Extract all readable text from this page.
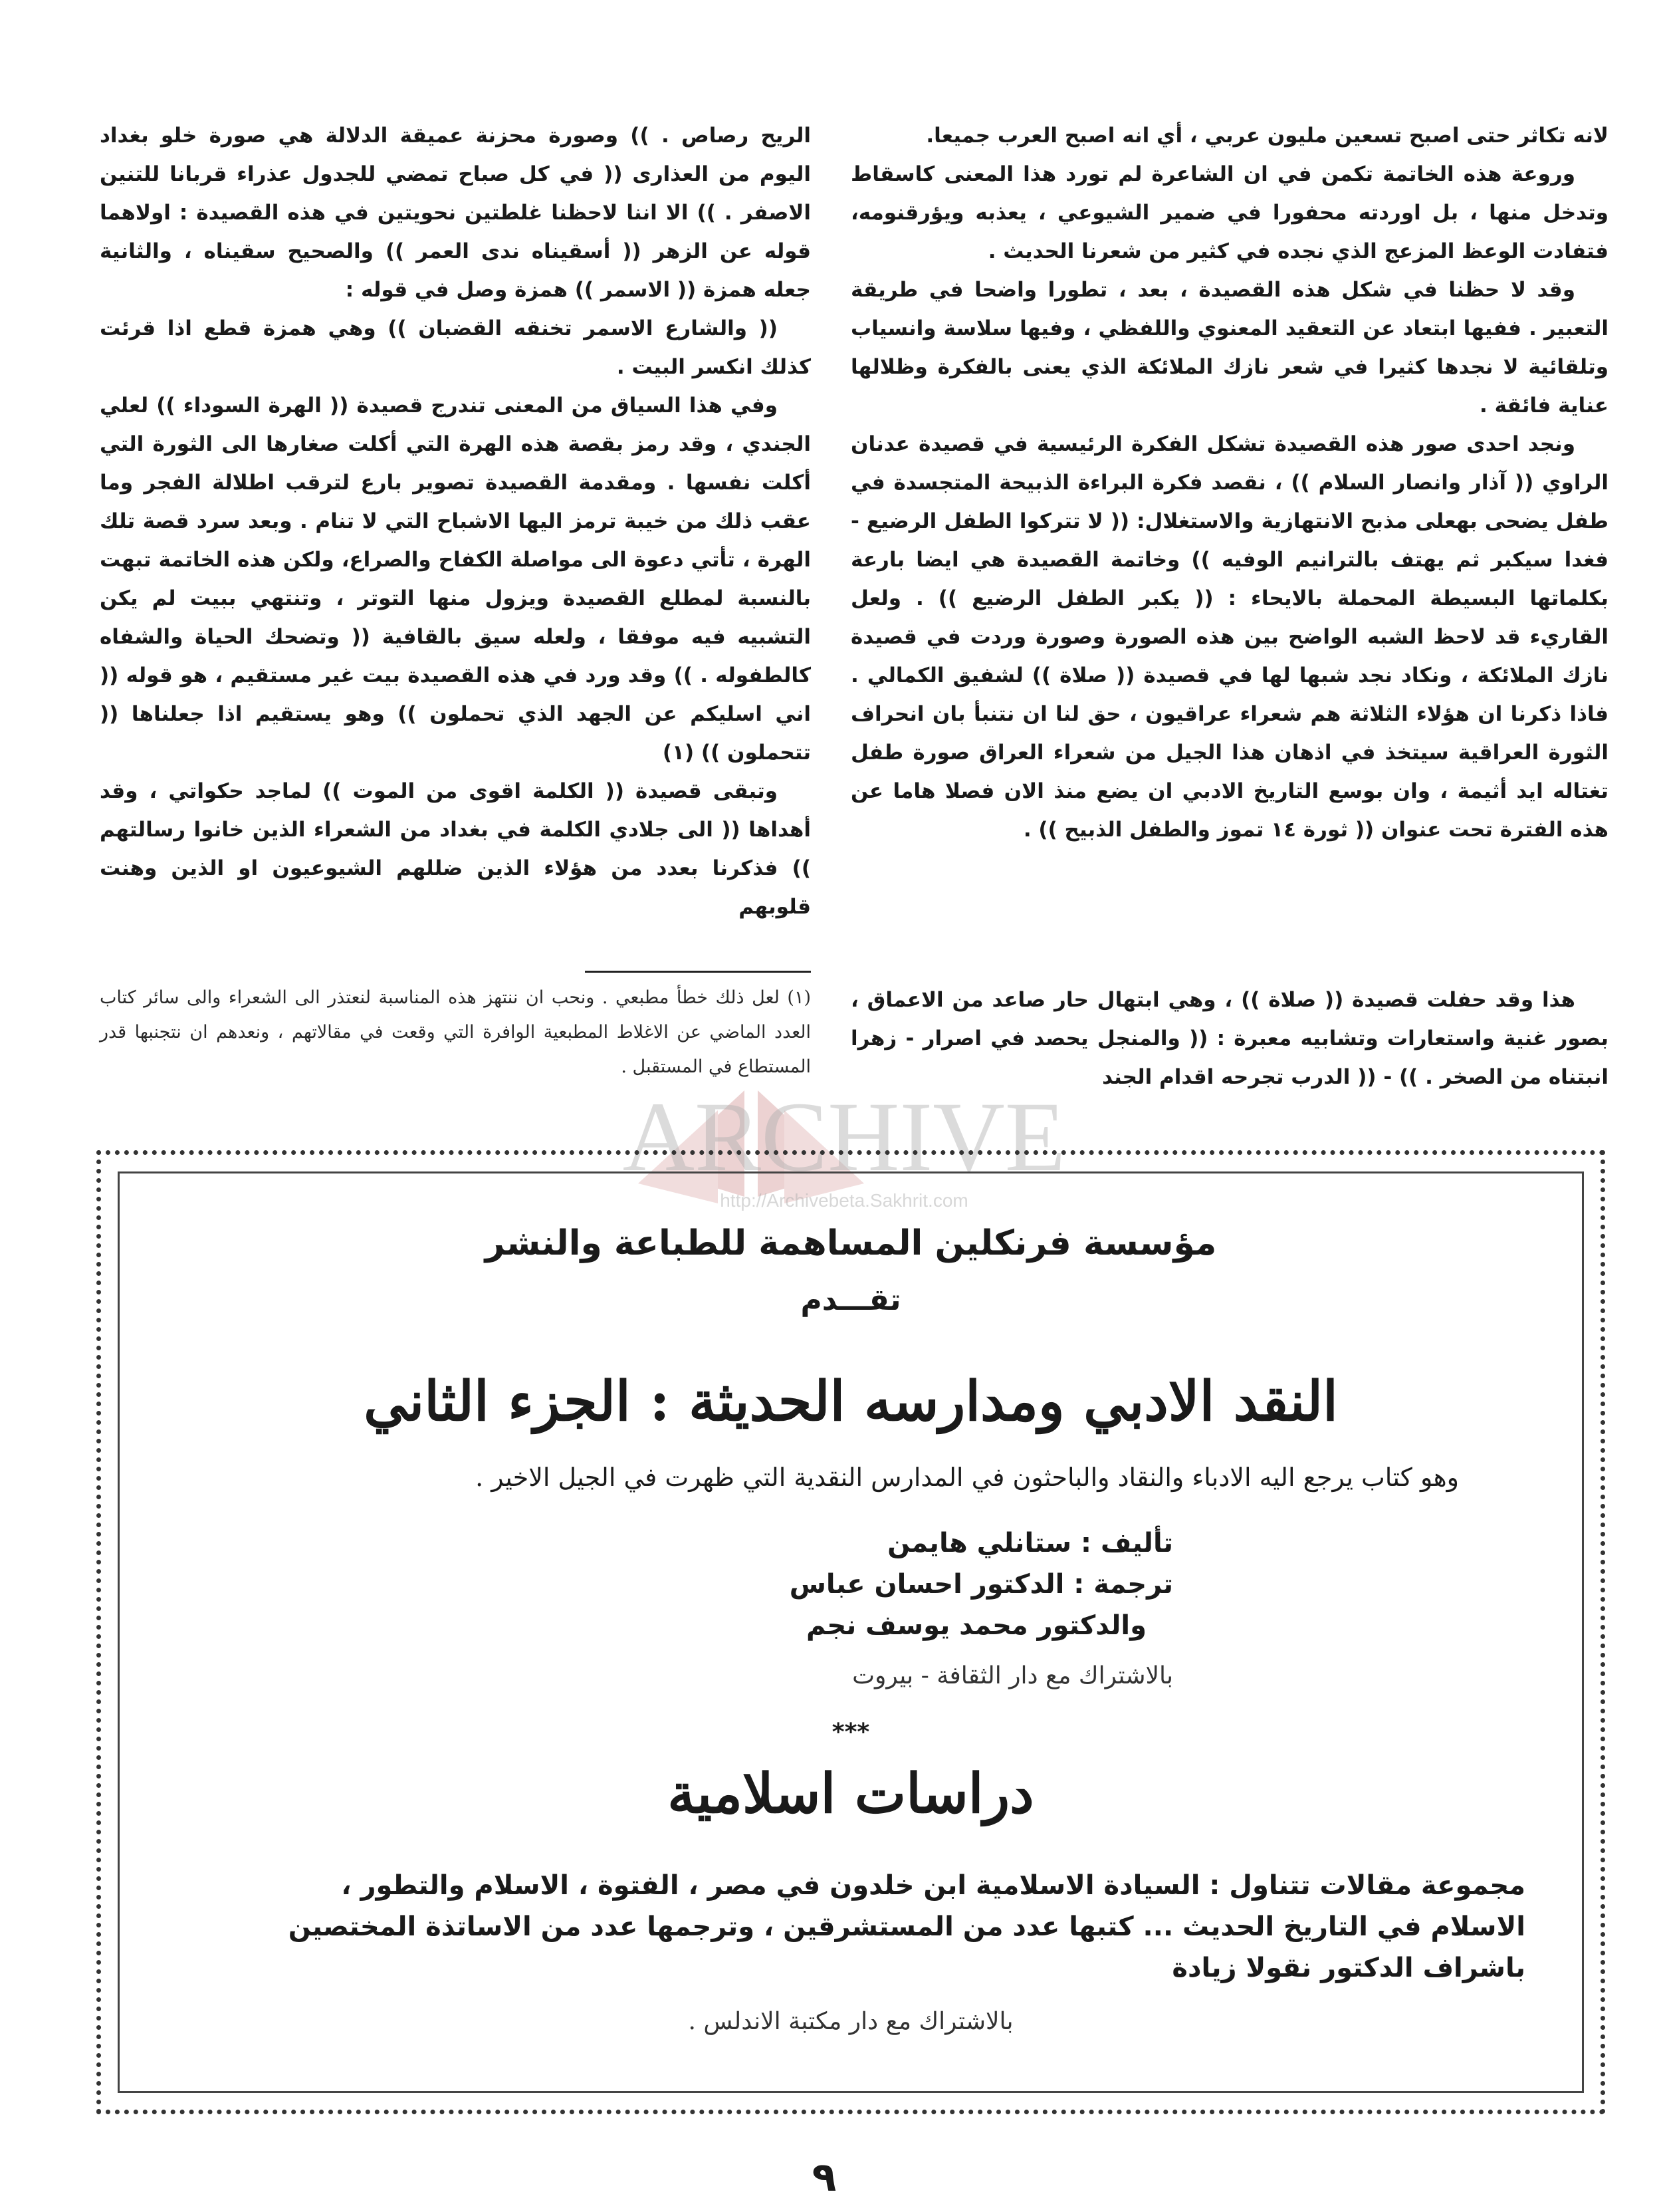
لانه تكاثر حتى اصبح تسعين مليون عربي ، أي انه اصبح العرب جميعا.

وروعة هذه الخاتمة تكمن في ان الشاعرة لم تورد هذا المعنى كاسقاط وتدخل منها ، بل اوردته محفورا في ضمير الشيوعي ، يعذبه ويؤرقنومه، فتفادت الوعظ المزعج الذي نجده في كثير من شعرنا الحديث .

وقد لا حظنا في شكل هذه القصيدة ، بعد ، تطورا واضحا في طريقة التعبير . ففيها ابتعاد عن التعقيد المعنوي واللفظي ، وفيها سلاسة وانسياب وتلقائية لا نجدها كثيرا في شعر نازك الملائكة الذي يعنى بالفكرة وظلالها عناية فائقة .

ونجد احدى صور هذه القصيدة تشكل الفكرة الرئيسية في قصيدة عدنان الراوي (( آذار وانصار السلام )) ، نقصد فكرة البراءة الذبيحة المتجسدة في طفل يضحى بهعلى مذبح الانتهازية والاستغلال: (( لا تتركوا الطفل الرضيع - فغدا سيكبر ثم يهتف بالترانيم الوفيه )) وخاتمة القصيدة هي ايضا بارعة بكلماتها البسيطة المحملة بالايحاء : (( يكبر الطفل الرضيع )) . ولعل القاريء قد لاحظ الشبه الواضح بين هذه الصورة وصورة وردت في قصيدة نازك الملائكة ، ونكاد نجد شبها لها في قصيدة (( صلاة )) لشفيق الكمالي . فاذا ذكرنا ان هؤلاء الثلاثة هم شعراء عراقيون ، حق لنا ان نتنبأ بان انحراف الثورة العراقية سيتخذ في اذهان هذا الجيل من شعراء العراق صورة طفل تغتاله ايد أثيمة ، وان بوسع التاريخ الادبي ان يضع منذ الان فصلا هاما عن هذه الفترة تحت عنوان (( ثورة ١٤ تموز والطفل الذبيح )) .

الريح رصاص . )) وصورة محزنة عميقة الدلالة هي صورة خلو بغداد اليوم من العذارى (( في كل صباح تمضي للجدول عذراء قربانا للتنين الاصفر . )) الا اننا لاحظنا غلطتين نحويتين في هذه القصيدة : اولاهما قوله عن الزهر (( أسقيناه ندى العمر )) والصحيح سقيناه ، والثانية جعله همزة (( الاسمر )) همزة وصل في قوله :

(( والشارع الاسمر تخنقه القضبان )) وهي همزة قطع اذا قرئت كذلك انكسر البيت .

وفي هذا السياق من المعنى تندرج قصيدة (( الهرة السوداء )) لعلي الجندي ، وقد رمز بقصة هذه الهرة التي أكلت صغارها الى الثورة التي أكلت نفسها . ومقدمة القصيدة تصوير بارع لترقب اطلالة الفجر وما عقب ذلك من خيبة ترمز اليها الاشباح التي لا تنام . وبعد سرد قصة تلك الهرة ، تأتي دعوة الى مواصلة الكفاح والصراع، ولكن هذه الخاتمة تبهت بالنسبة لمطلع القصيدة ويزول منها التوتر ، وتنتهي ببيت لم يكن التشبيه فيه موفقا ، ولعله سيق بالقافية (( وتضحك الحياة والشفاه كالطفوله . )) وقد ورد في هذه القصيدة بيت غير مستقيم ، هو قوله (( اني اسليكم عن الجهد الذي تحملون )) وهو يستقيم اذا جعلناها (( تتحملون )) (١)

وتبقى قصيدة (( الكلمة اقوى من الموت )) لماجد حكواتي ، وقد أهداها (( الى جلادي الكلمة في بغداد من الشعراء الذين خانوا رسالتهم )) فذكرنا بعدد من هؤلاء الذين ضللهم الشيوعيون او الذين وهنت قلوبهم

(١) لعل ذلك خطأ مطبعي . ونحب ان ننتهز هذه المناسبة لنعتذر الى الشعراء والى سائر كتاب العدد الماضي عن الاغلاط المطبعية الوافرة التي وقعت في مقالاتهم ، ونعدهم ان نتجنبها قدر المستطاع في المستقبل .

هذا وقد حفلت قصيدة (( صلاة )) ، وهي ابتهال حار صاعد من الاعماق ، بصور غنية واستعارات وتشابيه معبرة : (( والمنجل يحصد في اصرار - زهرا انبتناه من الصخر . )) - (( الدرب تجرحه اقدام الجند

ARCHIVE
http://Archivebeta.Sakhrit.com
مؤسسة فرنكلين المساهمة للطباعة والنشر
تقـــدم
النقد الادبي ومدارسه الحديثة : الجزء الثاني
وهو كتاب يرجع اليه الادباء والنقاد والباحثون في المدارس النقدية التي ظهرت في الجيل الاخير .
تأليف : ستانلي هايمن
ترجمة : الدكتور احسان عباس
والدكتور محمد يوسف نجم
بالاشتراك مع دار الثقافة - بيروت
***
دراسات اسلامية
مجموعة مقالات تتناول : السيادة الاسلامية ابن خلدون في مصر ، الفتوة ، الاسلام والتطور ،
الاسلام في التاريخ الحديث ... كتبها عدد من المستشرقين ، وترجمها عدد من الاساتذة المختصين
باشراف الدكتور نقولا زيادة
بالاشتراك مع دار مكتبة الاندلس .
٩
